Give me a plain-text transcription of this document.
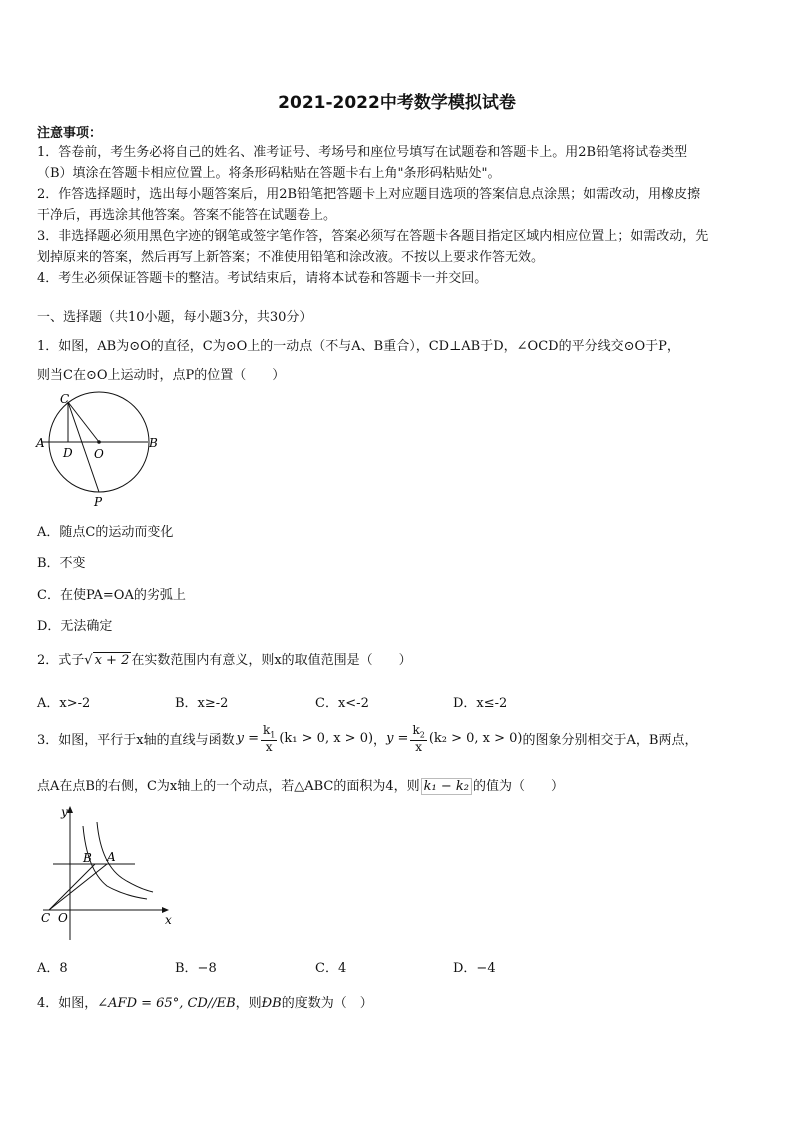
2021-2022中考数学模拟试卷
注意事项：
1．答卷前，考生务必将自己的姓名、准考证号、考场号和座位号填写在试题卷和答题卡上。用2B铅笔将试卷类型
（B）填涂在答题卡相应位置上。将条形码粘贴在答题卡右上角"条形码粘贴处"。
2．作答选择题时，选出每小题答案后，用2B铅笔把答题卡上对应题目选项的答案信息点涂黑；如需改动，用橡皮擦
干净后，再选涂其他答案。答案不能答在试题卷上。
3．非选择题必须用黑色字迹的钢笔或签字笔作答，答案必须写在答题卡各题目指定区域内相应位置上；如需改动，先
划掉原来的答案，然后再写上新答案；不准使用铅笔和涂改液。不按以上要求作答无效。
4．考生必须保证答题卡的整洁。考试结束后，请将本试卷和答题卡一并交回。
一、选择题（共10小题，每小题3分，共30分）
1．如图，AB为⊙O的直径，C为⊙O上的一动点（不与A、B重合），CD⊥AB于D，∠OCD的平分线交⊙O于P，
则当C在⊙O上运动时，点P的位置（　　）
C
A	B
D O
P
A．随点C的运动而变化
B．不变
C．在使PA=OA的劣弧上
D．无法确定
2．式子√ x + 2 在实数范围内有意义，则x的取值范围是（　　）
A．x>-2	B．x≥-2	C．x<-2	D．x≤-2
3．如图，平行于x轴的直线与函数 $y = \frac{k_1}{x} (k_1 > 0$, x > 0) ， $y = \frac{k_2}{x} (k_2 > 0$, x > 0) 的图象分别相交于A，B两点，
点A在点B的右侧，C为x轴上的一个动点，若△ABC的面积为4，则 k₁ − k₂ 的值为（　　）
y
x
B A
C O
A．8	B．−8	C．4	D．−4
4．如图，∠AFD = 65°, CD//EB，则ÐB的度数为（　）
